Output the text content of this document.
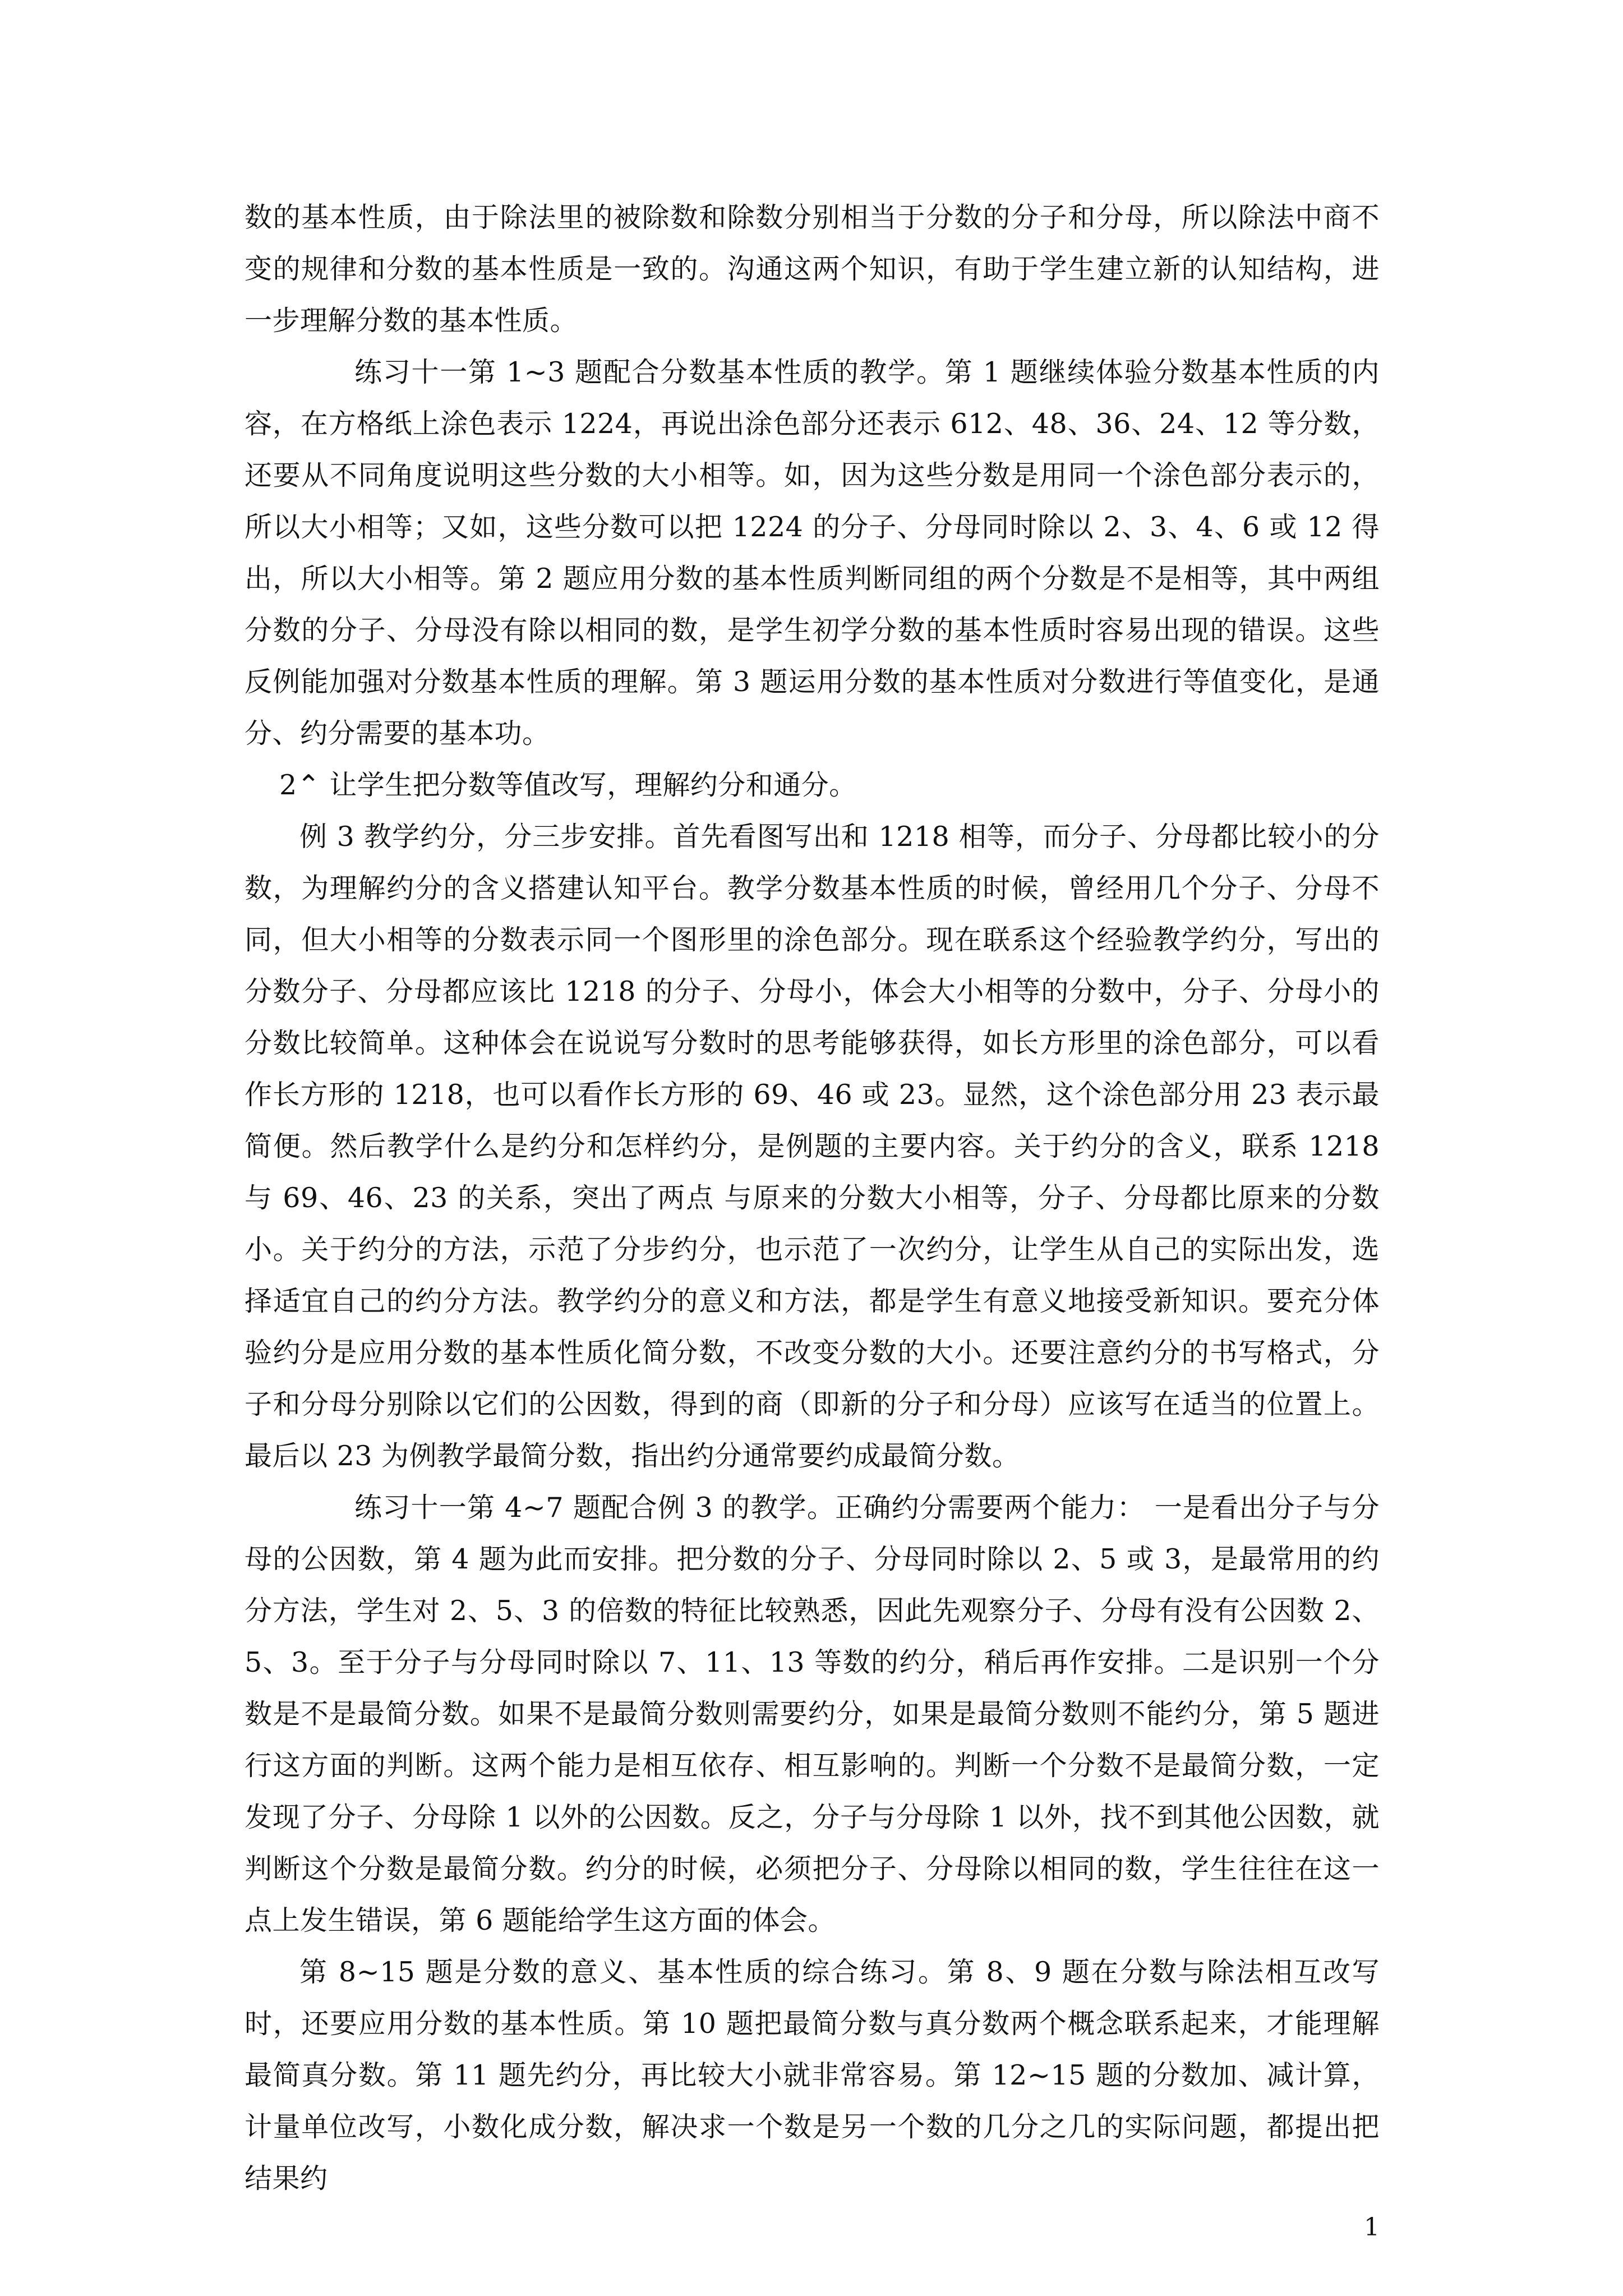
数的基本性质，由于除法里的被除数和除数分别相当于分数的分子和分母，所以除法中商不变的规律和分数的基本性质是一致的。沟通这两个知识，有助于学生建立新的认知结构，进一步理解分数的基本性质。

练习十一第 1~3 题配合分数基本性质的教学。第 1 题继续体验分数基本性质的内容，在方格纸上涂色表示 1224，再说出涂色部分还表示 612、48、36、24、12 等分数，还要从不同角度说明这些分数的大小相等。如，因为这些分数是用同一个涂色部分表示的，所以大小相等；又如，这些分数可以把 1224 的分子、分母同时除以 2、3、4、6 或 12 得出，所以大小相等。第 2 题应用分数的基本性质判断同组的两个分数是不是相等，其中两组分数的分子、分母没有除以相同的数，是学生初学分数的基本性质时容易出现的错误。这些反例能加强对分数基本性质的理解。第 3 题运用分数的基本性质对分数进行等值变化，是通分、约分需要的基本功。

2⌃ 让学生把分数等值改写，理解约分和通分。

例 3 教学约分，分三步安排。首先看图写出和 1218 相等，而分子、分母都比较小的分数，为理解约分的含义搭建认知平台。教学分数基本性质的时候，曾经用几个分子、分母不同，但大小相等的分数表示同一个图形里的涂色部分。现在联系这个经验教学约分，写出的分数分子、分母都应该比 1218 的分子、分母小，体会大小相等的分数中，分子、分母小的分数比较简单。这种体会在说说写分数时的思考能够获得，如长方形里的涂色部分，可以看作长方形的 1218，也可以看作长方形的 69、46 或 23。显然，这个涂色部分用 23 表示最简便。然后教学什么是约分和怎样约分，是例题的主要内容。关于约分的含义，联系 1218 与 69、46、23 的关系，突出了两点 与原来的分数大小相等，分子、分母都比原来的分数小。关于约分的方法，示范了分步约分，也示范了一次约分，让学生从自己的实际出发，选择适宜自己的约分方法。教学约分的意义和方法，都是学生有意义地接受新知识。要充分体验约分是应用分数的基本性质化简分数，不改变分数的大小。还要注意约分的书写格式，分子和分母分别除以它们的公因数，得到的商（即新的分子和分母）应该写在适当的位置上。最后以 23 为例教学最简分数，指出约分通常要约成最简分数。

练习十一第 4~7 题配合例 3 的教学。正确约分需要两个能力： 一是看出分子与分母的公因数，第 4 题为此而安排。把分数的分子、分母同时除以 2、5 或 3，是最常用的约分方法，学生对 2、5、3 的倍数的特征比较熟悉，因此先观察分子、分母有没有公因数 2、5、3。至于分子与分母同时除以 7、11、13 等数的约分，稍后再作安排。二是识别一个分数是不是最简分数。如果不是最简分数则需要约分，如果是最简分数则不能约分，第 5 题进行这方面的判断。这两个能力是相互依存、相互影响的。判断一个分数不是最简分数，一定发现了分子、分母除 1 以外的公因数。反之，分子与分母除 1 以外，找不到其他公因数，就判断这个分数是最简分数。约分的时候，必须把分子、分母除以相同的数，学生往往在这一点上发生错误，第 6 题能给学生这方面的体会。

第 8~15 题是分数的意义、基本性质的综合练习。第 8、9 题在分数与除法相互改写时，还要应用分数的基本性质。第 10 题把最简分数与真分数两个概念联系起来，才能理解最简真分数。第 11 题先约分，再比较大小就非常容易。第 12~15 题的分数加、减计算，计量单位改写，小数化成分数，解决求一个数是另一个数的几分之几的实际问题，都提出把结果约

1
